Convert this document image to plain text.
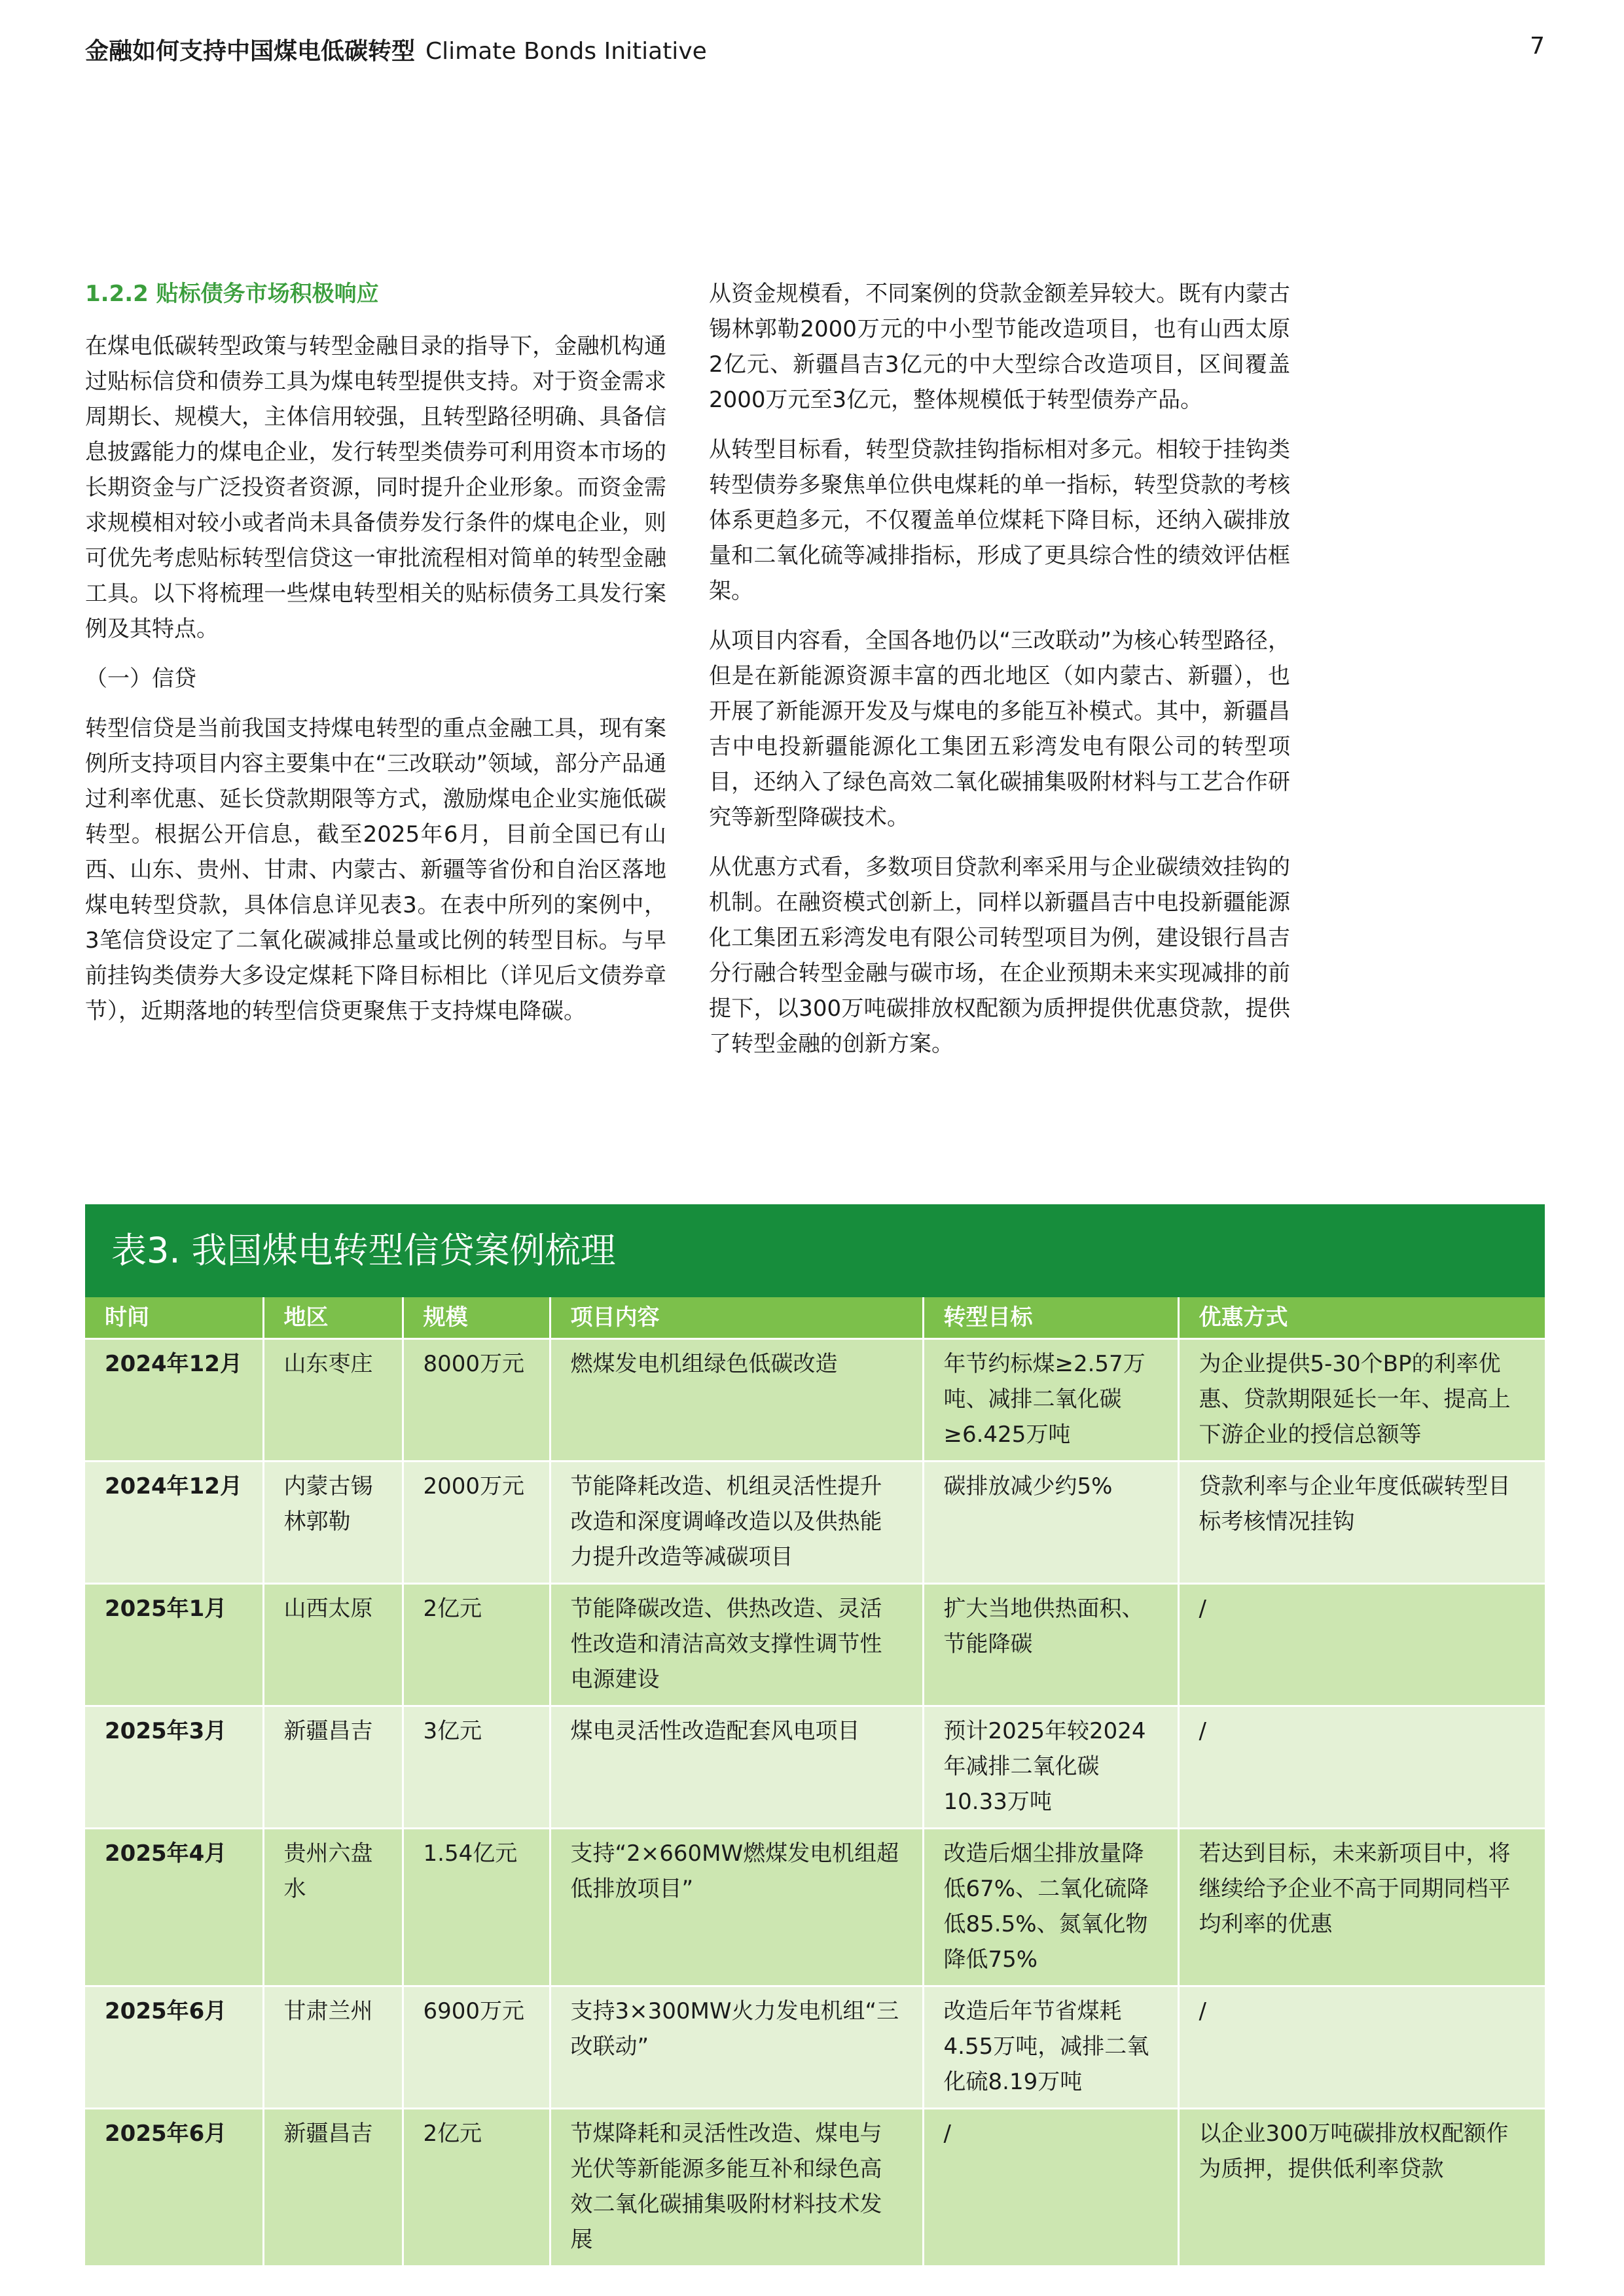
金融如何支持中国煤电低碳转型 Climate Bonds Initiative	7
1.2.2 贴标债务市场积极响应

在煤电低碳转型政策与转型金融目录的指导下，金融机构通过贴标信贷和债券工具为煤电转型提供支持。对于资金需求周期长、规模大，主体信用较强，且转型路径明确、具备信息披露能力的煤电企业，发行转型类债券可利用资本市场的长期资金与广泛投资者资源，同时提升企业形象。而资金需求规模相对较小或者尚未具备债券发行条件的煤电企业，则可优先考虑贴标转型信贷这一审批流程相对简单的转型金融工具。以下将梳理一些煤电转型相关的贴标债务工具发行案例及其特点。

（一）信贷

转型信贷是当前我国支持煤电转型的重点金融工具，现有案例所支持项目内容主要集中在“三改联动”领域，部分产品通过利率优惠、延长贷款期限等方式，激励煤电企业实施低碳转型。根据公开信息，截至2025年6月，目前全国已有山西、山东、贵州、甘肃、内蒙古、新疆等省份和自治区落地煤电转型贷款，具体信息详见表3。在表中所列的案例中，3笔信贷设定了二氧化碳减排总量或比例的转型目标。与早前挂钩类债券大多设定煤耗下降目标相比（详见后文债券章节），近期落地的转型信贷更聚焦于支持煤电降碳。

从资金规模看，不同案例的贷款金额差异较大。既有内蒙古锡林郭勒2000万元的中小型节能改造项目，也有山西太原2亿元、新疆昌吉3亿元的中大型综合改造项目，区间覆盖2000万元至3亿元，整体规模低于转型债券产品。

从转型目标看，转型贷款挂钩指标相对多元。相较于挂钩类转型债券多聚焦单位供电煤耗的单一指标，转型贷款的考核体系更趋多元，不仅覆盖单位煤耗下降目标，还纳入碳排放量和二氧化硫等减排指标，形成了更具综合性的绩效评估框架。

从项目内容看，全国各地仍以“三改联动”为核心转型路径，但是在新能源资源丰富的西北地区（如内蒙古、新疆），也开展了新能源开发及与煤电的多能互补模式。其中，新疆昌吉中电投新疆能源化工集团五彩湾发电有限公司的转型项目，还纳入了绿色高效二氧化碳捕集吸附材料与工艺合作研究等新型降碳技术。

从优惠方式看，多数项目贷款利率采用与企业碳绩效挂钩的机制。在融资模式创新上，同样以新疆昌吉中电投新疆能源化工集团五彩湾发电有限公司转型项目为例，建设银行昌吉分行融合转型金融与碳市场，在企业预期未来实现减排的前提下，以300万吨碳排放权配额为质押提供优惠贷款，提供了转型金融的创新方案。

表3. 我国煤电转型信贷案例梳理
时间	地区	规模	项目内容	转型目标	优惠方式
2024年12月	山东枣庄	8000万元	燃煤发电机组绿色低碳改造	年节约标煤≥2.57万吨、减排二氧化碳≥6.425万吨	为企业提供5-30个BP的利率优惠、贷款期限延长一年、提高上下游企业的授信总额等
2024年12月	内蒙古锡林郭勒	2000万元	节能降耗改造、机组灵活性提升改造和深度调峰改造以及供热能力提升改造等减碳项目	碳排放减少约5%	贷款利率与企业年度低碳转型目标考核情况挂钩
2025年1月	山西太原	2亿元	节能降碳改造、供热改造、灵活性改造和清洁高效支撑性调节性电源建设	扩大当地供热面积、节能降碳	/
2025年3月	新疆昌吉	3亿元	煤电灵活性改造配套风电项目	预计2025年较2024年减排二氧化碳10.33万吨	/
2025年4月	贵州六盘水	1.54亿元	支持“2×660MW燃煤发电机组超低排放项目”	改造后烟尘排放量降低67%、二氧化硫降低85.5%、氮氧化物降低75%	若达到目标，未来新项目中，将继续给予企业不高于同期同档平均利率的优惠
2025年6月	甘肃兰州	6900万元	支持3×300MW火力发电机组“三改联动”	改造后年节省煤耗4.55万吨，减排二氧化硫8.19万吨	/
2025年6月	新疆昌吉	2亿元	节煤降耗和灵活性改造、煤电与光伏等新能源多能互补和绿色高效二氧化碳捕集吸附材料技术发展	/	以企业300万吨碳排放权配额作为质押，提供低利率贷款
